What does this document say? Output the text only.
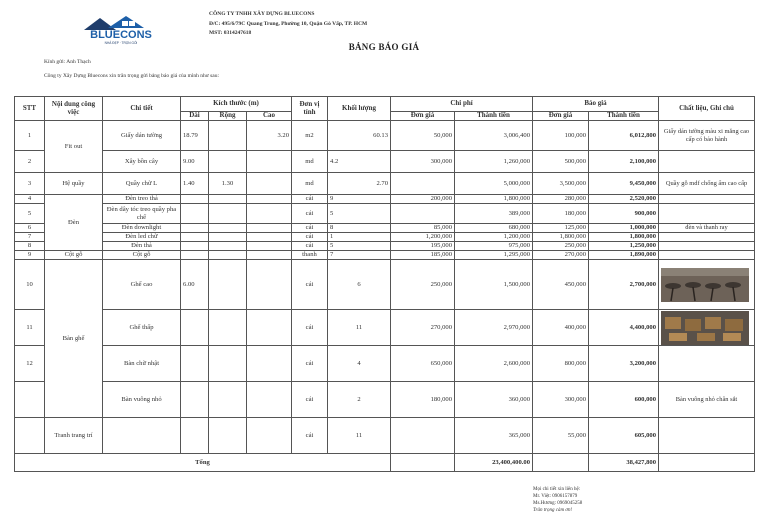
BLUECONS
NHÀ ĐẸP · TRỌN GÓI
CÔNG TY TNHH XÂY DỰNG BLUECONS
Đ/C: 495/6/79C Quang Trung, Phường 10, Quận Gò Vấp, TP. HCM
MST: 0314247618
BẢNG BÁO GIÁ
Kính gửi: Anh Thạch
Công ty Xây Dựng Bluecons xin trân trọng gửi bảng báo giá của mình như sau:
STT	Nội dung công việc	Chi tiết	Kích thước (m)			Đơn vị tính	Khối lượng	Chi phí		Báo giá		Chất liệu, Ghi chú
			Dài	Rộng	Cao			Đơn giá	Thành tiền	Đơn giá	Thành tiền	
1	Fit out	Giấy dán tường	18.79		3.20	m2	60.13	50,000	3,006,400	100,000	6,012,800	Giấy dán tường màu xi măng cao cấp có bảo hành
2		Xây bồn cây	9.00			md	4.2	300,000	1,260,000	500,000	2,100,000	
3	Hệ quầy	Quầy chữ L	1.40	1.30		md	2.70		5,000,000	3,500,000	9,450,000	Quầy gỗ mdf chống ẩm cao cấp
4	Đèn	Đèn treo thả				cái	9	200,000	1,800,000	280,000	2,520,000	
5		Đèn dây tóc treo quầy pha chế				cái	5		389,000	180,000	900,000	
6		Đèn downlight				cái	8	85,000	680,000	125,000	1,000,000	đèn và thanh ray
7		Đèn led chữ				cái	1	1,200,000	1,200,000	1,800,000	1,800,000	
8		Đèn thả				cái	5	195,000	975,000	250,000	1,250,000	
9	Cột gỗ	Cột gỗ				thanh	7	185,000	1,295,000	270,000	1,890,000	
10	Bàn ghế	Ghế cao	6.00			cái	6	250,000	1,500,000	450,000	2,700,000	

11		Ghế thấp				cái	11	270,000	2,970,000	400,000	4,400,000	

12		Bàn chữ nhật				cái	4	650,000	2,600,000	800,000	3,200,000	
		Bàn vuông nhỏ				cái	2	180,000	360,000	300,000	600,000	Bàn vuông nhỏ chân sắt
	Tranh trang trí					cái	11		365,000	55,000	605,000	
Tổng									23,400,400.00		38,427,800	
Mọi chi tiết xin liên hệ:
Mr. Việt: 0906157879
Ms.Hương: 0969045258
Trân trọng cảm ơn!
